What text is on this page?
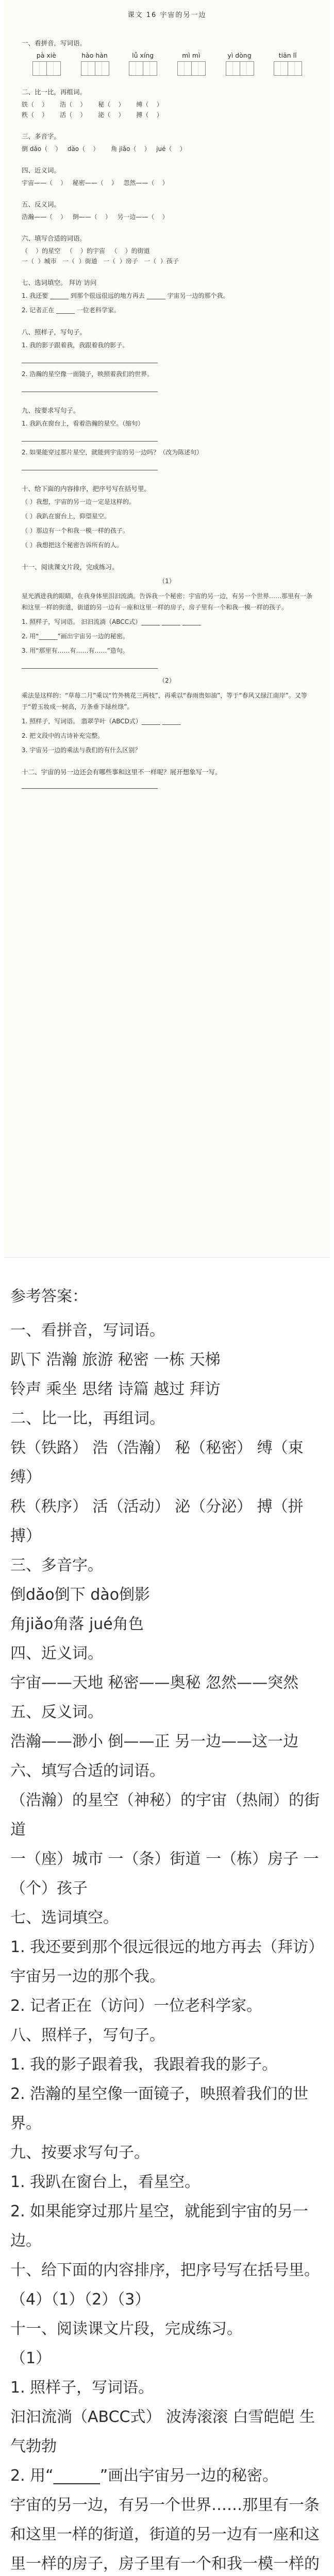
课文 16 宇宙的另一边
一、看拼音，写词语。
pà xiè	hào hàn	lǚ xíng	mì mì	yì dòng	tiān lǐ
二、比一比，再组词。
铁（    ）      浩（    ）      秘（    ）      缚（    ）
秩（    ）      活（    ）      泌（    ）      搏（    ）
三、多音字。
倒 dǎo（    ）   dào（    ）      角 jiǎo（    ）   jué（    ）
四、近义词。
宇宙——（    ）   秘密——（    ）   忽然——（    ）
五、反义词。
浩瀚——（    ）   倒——（    ）   另一边——（    ）
六、填写合适的词语。
（    ）的星空   （    ）的宇宙   （    ）的街道
一（  ）城市   一（  ）街道   一（  ）房子   一（  ）孩子
七、选词填空。 拜访 访问
1. 我还要 ______ 到那个很远很远的地方再去 ______ 宇宙另一边的那个我。
2. 记者正在 ______ 一位老科学家。
八、照样子，写句子。
1. 我的影子跟着我，我跟着我的影子。
____________________________________________
2. 浩瀚的星空像一面镜子，映照着我们的世界。
____________________________________________
九、按要求写句子。
1. 我趴在窗台上，看着浩瀚的星空。（缩句）
____________________________________________
2. 如果能穿过那片星空，就能到宇宙的另一边吗？（改为陈述句）
____________________________________________
十、给下面的内容排序，把序号写在括号里。
（ ）我想，宇宙的另一边一定是这样的。
（ ）我趴在窗台上，仰望星空。
（ ）那边有一个和我一模一样的孩子。
（ ）我想把这个秘密告诉所有的人。
十一、阅读课文片段，完成练习。
（1）
星光洒进我的眼睛，在我身体里泪汩流淌。告诉我一个秘密：宇宙的另一边，有另一个世界……那里有一条和这里一样的街道，街道的另一边有一座和这里一样的房子，房子里有一个和我一模一样的孩子。
1. 照样子，写词语。 汩汩流淌（ABCC式）______ ______ ______
2. 用“______”画出宇宙另一边的秘密。
3. 用“那里有……有……有……”造句。
____________________________________________
（2）
乘法是这样的：“草莓二月”乘以“竹外桃花三两枝”，再乘以“春雨贵如油”，等于“春风又绿江南岸”。又等于“碧玉妆成一树高，万条垂下绿丝绦”。
1. 照样子，写词语。 翡翠芋叶（ABCD式）______ ______
2. 把文段中的古诗补充完整。
3. 宇宙另一边的乘法与我们的有什么区别？
十二、宇宙的另一边还会有哪些事和这里不一样呢？展开想象写一写。
____________________________________________
参考答案：
一、看拼音，写词语。
趴下 浩瀚 旅游 秘密 一栋 天梯
铃声 乘坐 思绪 诗篇 越过 拜访
二、比一比，再组词。
铁（铁路） 浩（浩瀚） 秘（秘密） 缚（束缚）
秩（秩序） 活（活动） 泌（分泌） 搏（拼搏）
三、多音字。
倒dǎo倒下 dào倒影
角jiǎo角落 jué角色
四、近义词。
宇宙——天地 秘密——奥秘 忽然——突然
五、反义词。
浩瀚——渺小 倒——正 另一边——这一边
六、填写合适的词语。
（浩瀚）的星空（神秘）的宇宙（热闹）的街道
一（座）城市 一（条）街道 一（栋）房子 一（个）孩子
七、选词填空。
1. 我还要到那个很远很远的地方再去（拜访）宇宙另一边的那个我。
2. 记者正在（访问）一位老科学家。
八、照样子，写句子。
1. 我的影子跟着我，我跟着我的影子。
2. 浩瀚的星空像一面镜子，映照着我们的世界。
九、按要求写句子。
1. 我趴在窗台上，看星空。
2. 如果能穿过那片星空，就能到宇宙的另一边。
十、给下面的内容排序，把序号写在括号里。
（4）（1）（2）（3）
十一、阅读课文片段，完成练习。
（1）
1. 照样子，写词语。
汩汩流淌（ABCC式） 波涛滚滚 白雪皑皑 生气勃勃
2. 用“______”画出宇宙另一边的秘密。
宇宙的另一边，有另一个世界……那里有一条和这里一样的街道，街道的另一边有一座和这里一样的房子，房子里有一个和我一模一样的
